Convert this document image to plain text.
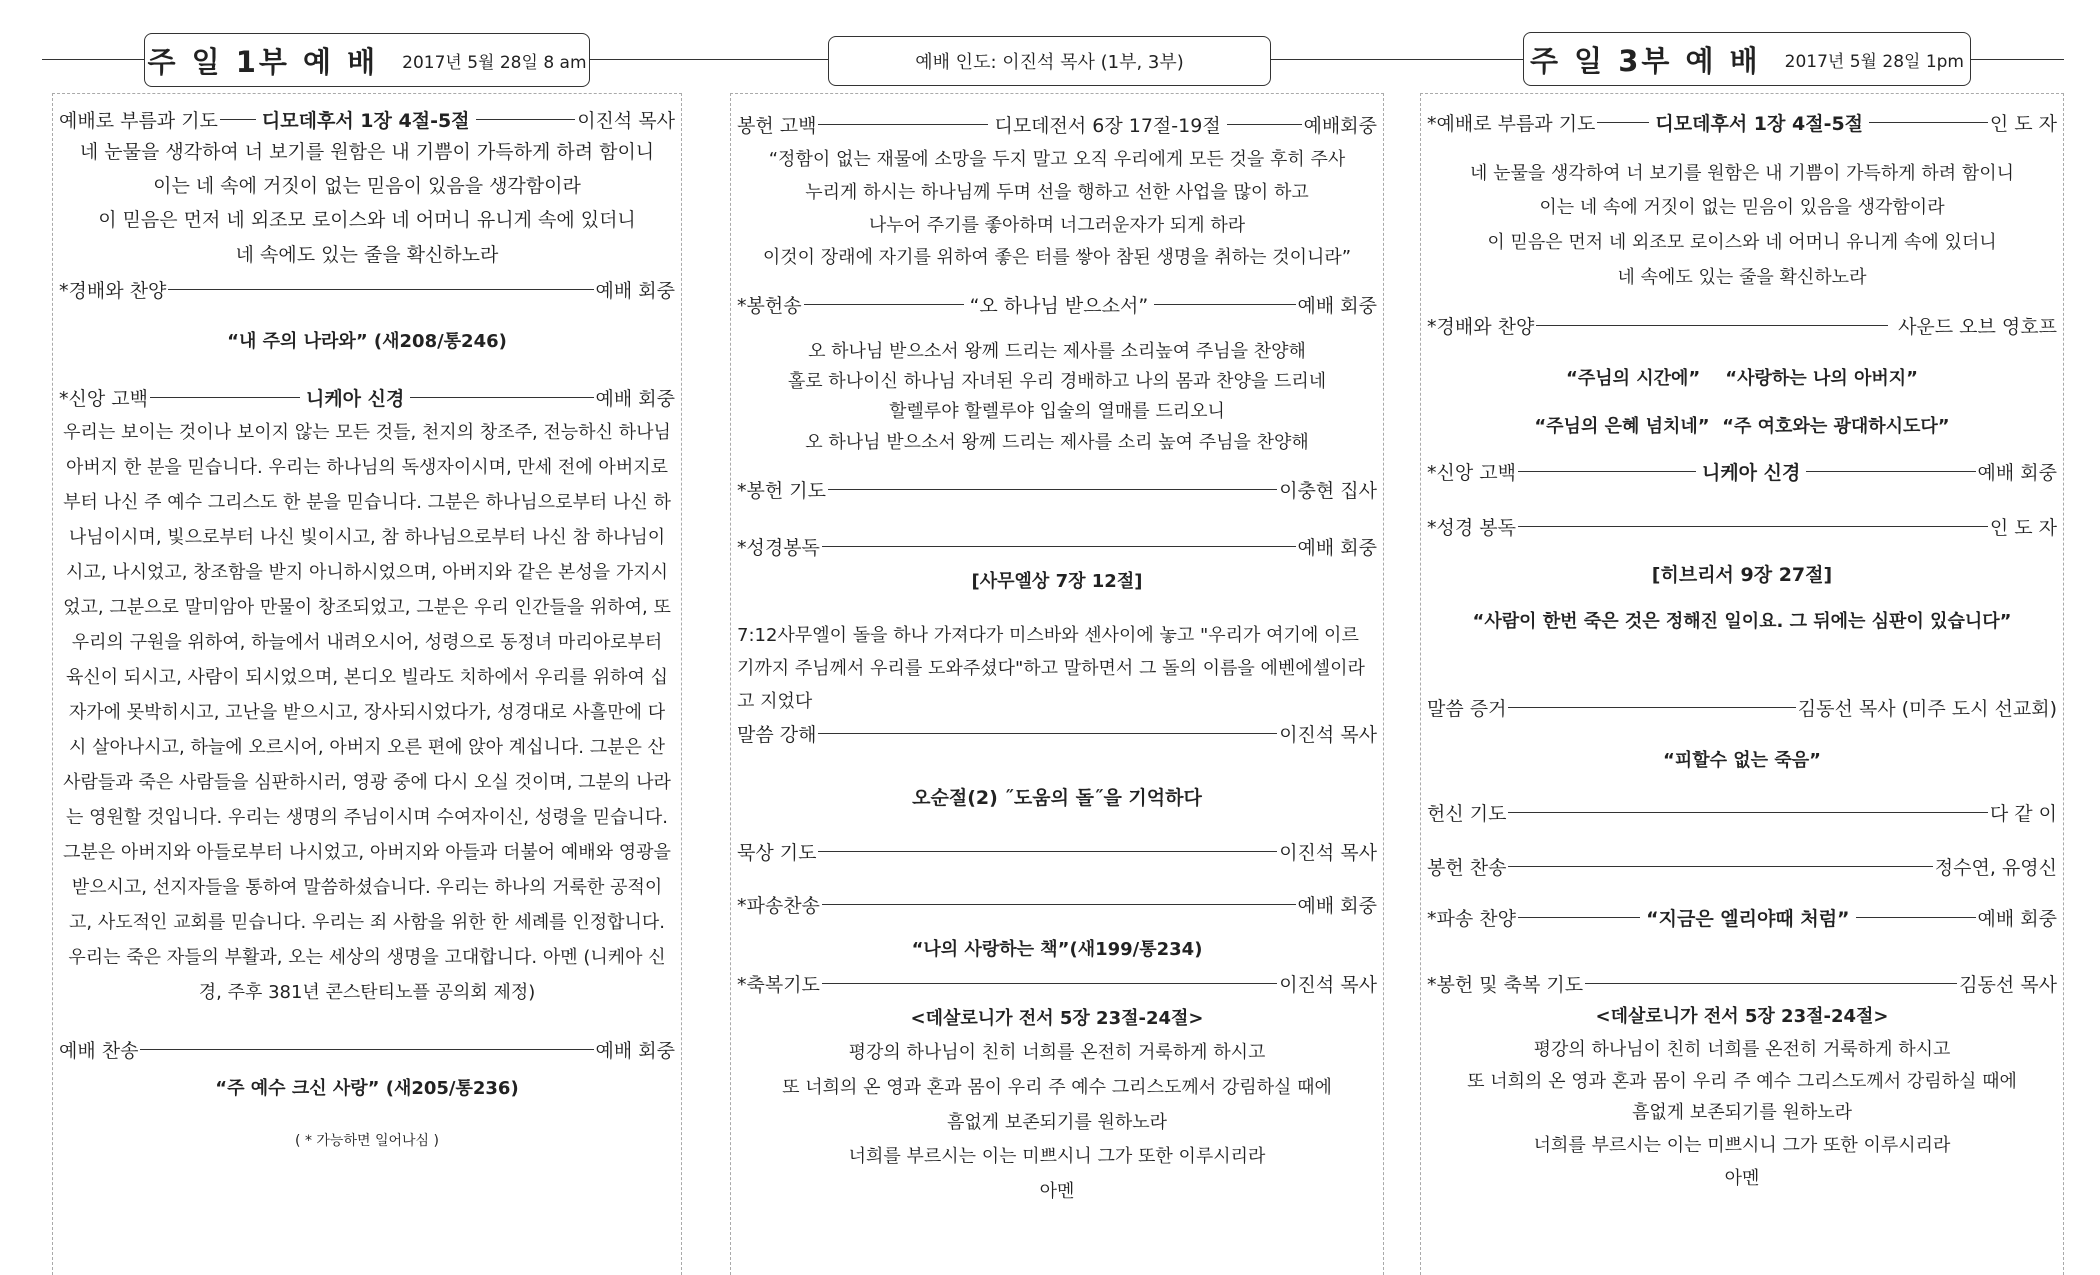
주 일 1부 예 배 2017년 5월 28일 8 am	예배 인도: 이진석 목사 (1부, 3부)	주 일 3부 예 배 2017년 5월 28일 1pm
예배로 부름과 기도 디모데후서 1장 4절-5절	이진석 목사
네 눈물을 생각하여 너 보기를 원함은 내 기쁨이 가득하게 하려 함이니
이는 네 속에 거짓이 없는 믿음이 있음을 생각함이라
이 믿음은 먼저 네 외조모 로이스와 네 어머니 유니게 속에 있더니
네 속에도 있는 줄을 확신하노라
*경배와 찬양	예배 회중
“내 주의 나라와” (새208/통246)
*신앙 고백	니케아 신경	예배 회중

우리는 보이는 것이나 보이지 않는 모든 것들, 천지의 창조주, 전능하신 하나님 아버지 한 분을 믿습니다. 우리는 하나님의 독생자이시며, 만세 전에 아버지로부터 나신 주 예수 그리스도 한 분을 믿습니다. 그분은 하나님으로부터 나신 하나님이시며, 빛으로부터 나신 빛이시고, 참 하나님으로부터 나신 참 하나님이시고, 나시었고, 창조함을 받지 아니하시었으며, 아버지와 같은 본성을 가지시었고, 그분으로 말미암아 만물이 창조되었고, 그분은 우리 인간들을 위하여, 또 우리의 구원을 위하여, 하늘에서 내려오시어, 성령으로 동정녀 마리아로부터 육신이 되시고, 사람이 되시었으며, 본디오 빌라도 치하에서 우리를 위하여 십자가에 못박히시고, 고난을 받으시고, 장사되시었다가, 성경대로 사흘만에 다시 살아나시고, 하늘에 오르시어, 아버지 오른 편에 앉아 계십니다. 그분은 산 사람들과 죽은 사람들을 심판하시러, 영광 중에 다시 오실 것이며, 그분의 나라는 영원할 것입니다. 우리는 생명의 주님이시며 수여자이신, 성령을 믿습니다. 그분은 아버지와 아들로부터 나시었고, 아버지와 아들과 더불어 예배와 영광을 받으시고, 선지자들을 통하여 말씀하셨습니다. 우리는 하나의 거룩한 공적이고, 사도적인 교회를 믿습니다. 우리는 죄 사함을 위한 한 세례를 인정합니다. 우리는 죽은 자들의 부활과, 오는 세상의 생명을 고대합니다. 아멘 (니케아 신경, 주후 381년 콘스탄티노플 공의회 제정)

예배 찬송	예배 회중
“주 예수 크신 사랑” (새205/통236)
( * 가능하면 일어나심 )
봉헌 고백	디모데전서 6장 17절-19절	예배회중
“정함이 없는 재물에 소망을 두지 말고 오직 우리에게 모든 것을 후히 주사
누리게 하시는 하나님께 두며 선을 행하고 선한 사업을 많이 하고
나누어 주기를 좋아하며 너그러운자가 되게 하라
이것이 장래에 자기를 위하여 좋은 터를 쌓아 참된 생명을 취하는 것이니라”
*봉헌송	“오 하나님 받으소서”	예배 회중
오 하나님 받으소서 왕께 드리는 제사를 소리높여 주님을 찬양해
홀로 하나이신 하나님 자녀된 우리 경배하고 나의 몸과 찬양을 드리네
할렐루야 할렐루야 입술의 열매를 드리오니
오 하나님 받으소서 왕께 드리는 제사를 소리 높여 주님을 찬양해
*봉헌 기도	이충현 집사
*성경봉독	예배 회중
[사무엘상 7장 12절]
7:12사무엘이 돌을 하나 가져다가 미스바와 센사이에 놓고 "우리가 여기에 이르
기까지 주님께서 우리를 도와주셨다"하고 말하면서 그 돌의 이름을 에벤에셀이라
고 지었다
말씀 강해	이진석 목사
오순절(2) ˝도움의 돌˝을 기억하다
묵상 기도	이진석 목사
*파송찬송	예배 회중
“나의 사랑하는 책”(새199/통234)
*축복기도	이진석 목사
<데살로니가 전서 5장 23절-24절>
평강의 하나님이 친히 너희를 온전히 거룩하게 하시고
또 너희의 온 영과 혼과 몸이 우리 주 예수 그리스도께서 강림하실 때에
흠없게 보존되기를 원하노라
너희를 부르시는 이는 미쁘시니 그가 또한 이루시리라
아멘
*예배로 부름과 기도	디모데후서 1장 4절-5절	인 도 자
네 눈물을 생각하여 너 보기를 원함은 내 기쁨이 가득하게 하려 함이니
이는 네 속에 거짓이 없는 믿음이 있음을 생각함이라
이 믿음은 먼저 네 외조모 로이스와 네 어머니 유니게 속에 있더니
네 속에도 있는 줄을 확신하노라
*경배와 찬양	사운드 오브 영호프
“주님의 시간에”    “사랑하는 나의 아버지”
“주님의 은혜 넘치네”  “주 여호와는 광대하시도다”
*신앙 고백	니케아 신경	예배 회중
*성경 봉독	인 도 자
[히브리서 9장 27절]
“사람이 한번 죽은 것은 정해진 일이요. 그 뒤에는 심판이 있습니다”
말씀 증거	김동선 목사 (미주 도시 선교회)
“피할수 없는 죽음”
헌신 기도	다 같 이
봉헌 찬송	정수연, 유영신
*파송 찬양	“지금은 엘리야때 처럼”	예배 회중
*봉헌 및 축복 기도	김동선 목사
<데살로니가 전서 5장 23절-24절>
평강의 하나님이 친히 너희를 온전히 거룩하게 하시고
또 너희의 온 영과 혼과 몸이 우리 주 예수 그리스도께서 강림하실 때에
흠없게 보존되기를 원하노라
너희를 부르시는 이는 미쁘시니 그가 또한 이루시리라
아멘
